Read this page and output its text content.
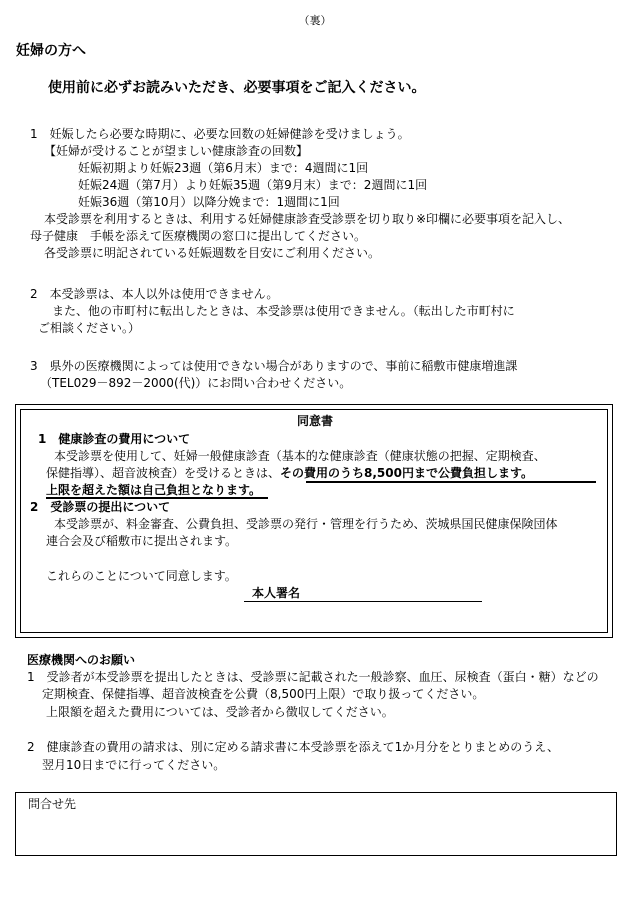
（裏）
妊婦の方へ
使用前に必ずお読みいただき、必要事項をご記入ください。
1　妊娠したら必要な時期に、必要な回数の妊婦健診を受けましょう。
【妊婦が受けることが望ましい健康診査の回数】
妊娠初期より妊娠23週（第6月末）まで：4週間に1回
妊娠24週（第7月）より妊娠35週（第9月末）まで：2週間に1回
妊娠36週（第10月）以降分娩まで：1週間に1回
本受診票を利用するときは、利用する妊婦健康診査受診票を切り取り※印欄に必要事項を記入し、
母子健康　手帳を添えて医療機関の窓口に提出してください。
各受診票に明記されている妊娠週数を目安にご利用ください。
2　本受診票は、本人以外は使用できません。
また、他の市町村に転出したときは、本受診票は使用できません。（転出した市町村に
ご相談ください。）
3　県外の医療機関によっては使用できない場合がありますので、事前に稲敷市健康増進課
（TEL029－892－2000(代)）にお問い合わせください。
同意書
1　健康診査の費用について
本受診票を使用して、妊婦一般健康診査（基本的な健康診査（健康状態の把握、定期検査、
保健指導）、超音波検査）を受けるときは、その費用のうち8,500円まで公費負担します。
上限を超えた額は自己負担となります。
2　受診票の提出について
本受診票が、料金審査、公費負担、受診票の発行・管理を行うため、茨城県国民健康保険団体
連合会及び稲敷市に提出されます。
これらのことについて同意します。
本人署名
医療機関へのお願い
1　受診者が本受診票を提出したときは、受診票に記載された一般診察、血圧、尿検査（蛋白・糖）などの
定期検査、保健指導、超音波検査を公費（8,500円上限）で取り扱ってください。
上限額を超えた費用については、受診者から徴収してください。
2　健康診査の費用の請求は、別に定める請求書に本受診票を添えて1か月分をとりまとめのうえ、
翌月10日までに行ってください。
問合せ先
